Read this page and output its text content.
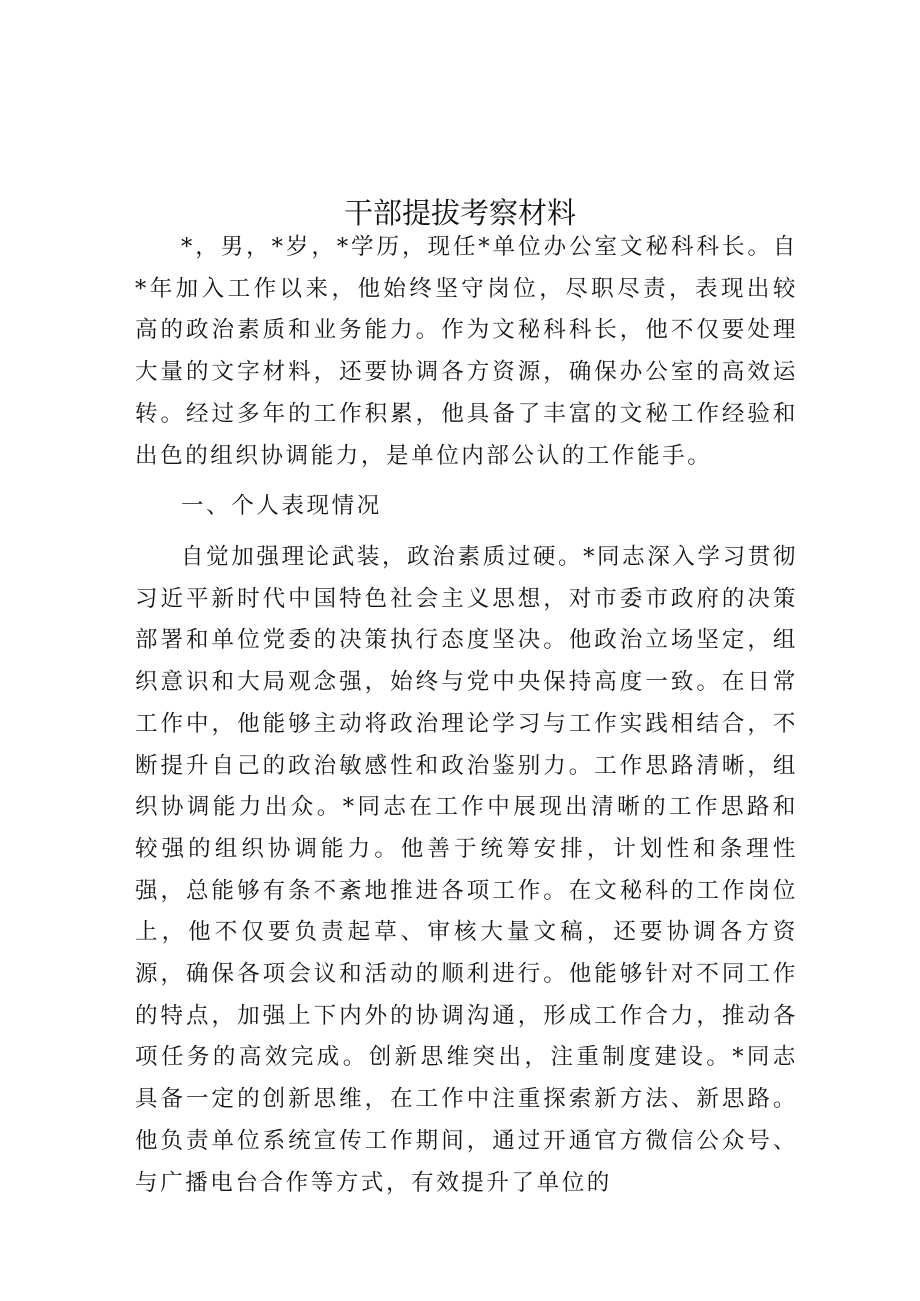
干部提拔考察材料

*，男，*岁，*学历，现任*单位办公室文秘科科长。自*年加入工作以来，他始终坚守岗位，尽职尽责，表现出较高的政治素质和业务能力。作为文秘科科长，他不仅要处理大量的文字材料，还要协调各方资源，确保办公室的高效运转。经过多年的工作积累，他具备了丰富的文秘工作经验和出色的组织协调能力，是单位内部公认的工作能手。

一、个人表现情况

自觉加强理论武装，政治素质过硬。*同志深入学习贯彻习近平新时代中国特色社会主义思想，对市委市政府的决策部署和单位党委的决策执行态度坚决。他政治立场坚定，组织意识和大局观念强，始终与党中央保持高度一致。在日常工作中，他能够主动将政治理论学习与工作实践相结合，不断提升自己的政治敏感性和政治鉴别力。工作思路清晰，组织协调能力出众。*同志在工作中展现出清晰的工作思路和较强的组织协调能力。他善于统筹安排，计划性和条理性强，总能够有条不紊地推进各项工作。在文秘科的工作岗位上，他不仅要负责起草、审核大量文稿，还要协调各方资源，确保各项会议和活动的顺利进行。他能够针对不同工作的特点，加强上下内外的协调沟通，形成工作合力，推动各项任务的高效完成。创新思维突出，注重制度建设。*同志具备一定的创新思维，在工作中注重探索新方法、新思路。他负责单位系统宣传工作期间，通过开通官方微信公众号、与广播电台合作等方式，有效提升了单位的
